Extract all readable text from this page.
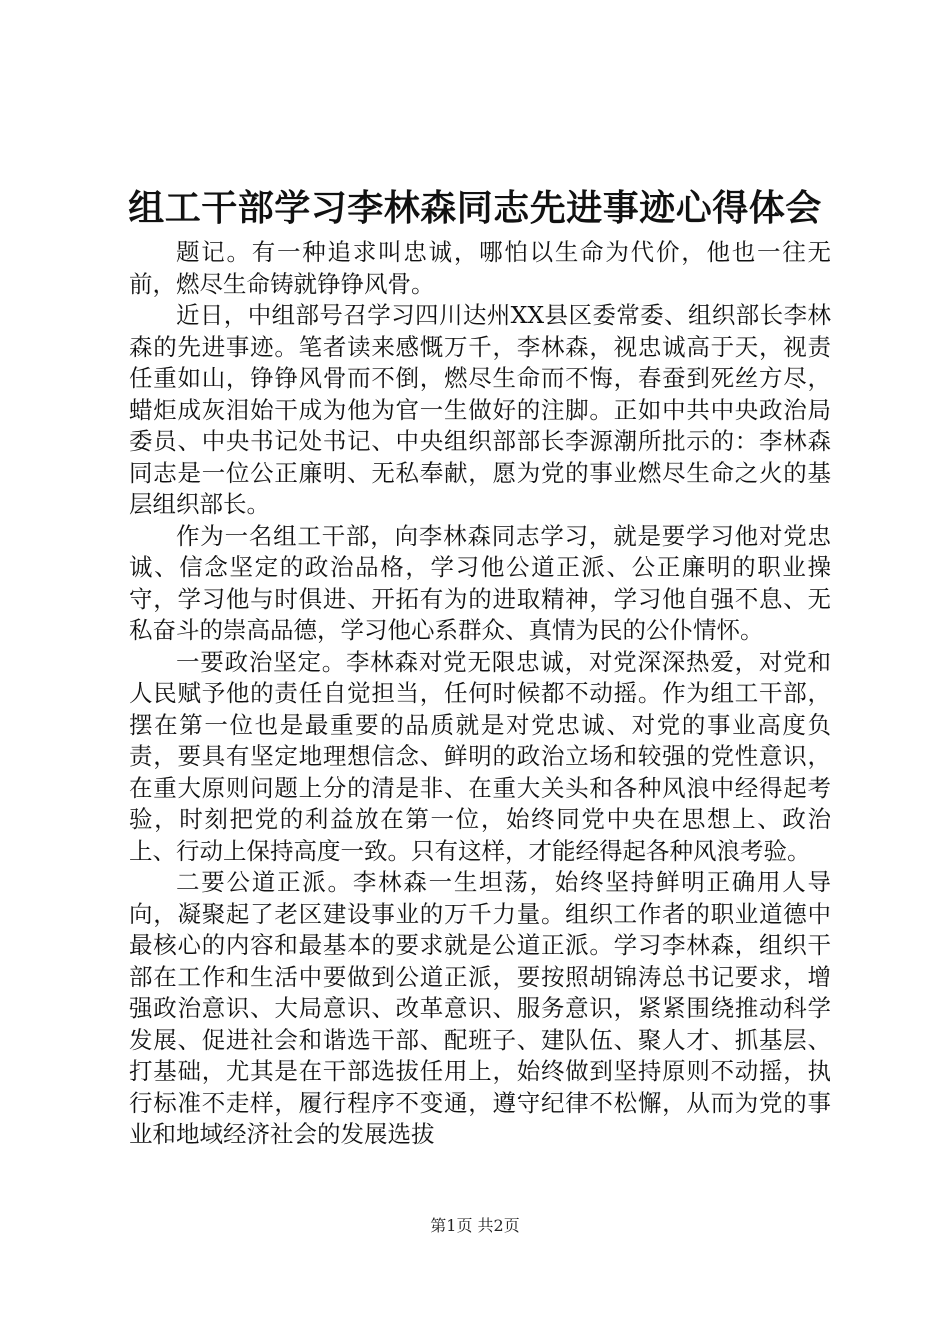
组工干部学习李林森同志先进事迹心得体会

题记。有一种追求叫忠诚，哪怕以生命为代价，他也一往无前，燃尽生命铸就铮铮风骨。

近日，中组部号召学习四川达州XX县区委常委、组织部长李林森的先进事迹。笔者读来感慨万千，李林森，视忠诚高于天，视责任重如山，铮铮风骨而不倒，燃尽生命而不悔，春蚕到死丝方尽，蜡炬成灰泪始干成为他为官一生做好的注脚。正如中共中央政治局委员、中央书记处书记、中央组织部部长李源潮所批示的：李林森同志是一位公正廉明、无私奉献，愿为党的事业燃尽生命之火的基层组织部长。

作为一名组工干部，向李林森同志学习，就是要学习他对党忠诚、信念坚定的政治品格，学习他公道正派、公正廉明的职业操守，学习他与时俱进、开拓有为的进取精神，学习他自强不息、无私奋斗的崇高品德，学习他心系群众、真情为民的公仆情怀。

一要政治坚定。李林森对党无限忠诚，对党深深热爱，对党和人民赋予他的责任自觉担当，任何时候都不动摇。作为组工干部，摆在第一位也是最重要的品质就是对党忠诚、对党的事业高度负责，要具有坚定地理想信念、鲜明的政治立场和较强的党性意识，在重大原则问题上分的清是非、在重大关头和各种风浪中经得起考验，时刻把党的利益放在第一位，始终同党中央在思想上、政治上、行动上保持高度一致。只有这样，才能经得起各种风浪考验。

二要公道正派。李林森一生坦荡，始终坚持鲜明正确用人导向，凝聚起了老区建设事业的万千力量。组织工作者的职业道德中最核心的内容和最基本的要求就是公道正派。学习李林森，组织干部在工作和生活中要做到公道正派，要按照胡锦涛总书记要求，增强政治意识、大局意识、改革意识、服务意识，紧紧围绕推动科学发展、促进社会和谐选干部、配班子、建队伍、聚人才、抓基层、打基础，尤其是在干部选拔任用上，始终做到坚持原则不动摇，执行标准不走样，履行程序不变通，遵守纪律不松懈，从而为党的事业和地域经济社会的发展选拔

第1页 共2页
